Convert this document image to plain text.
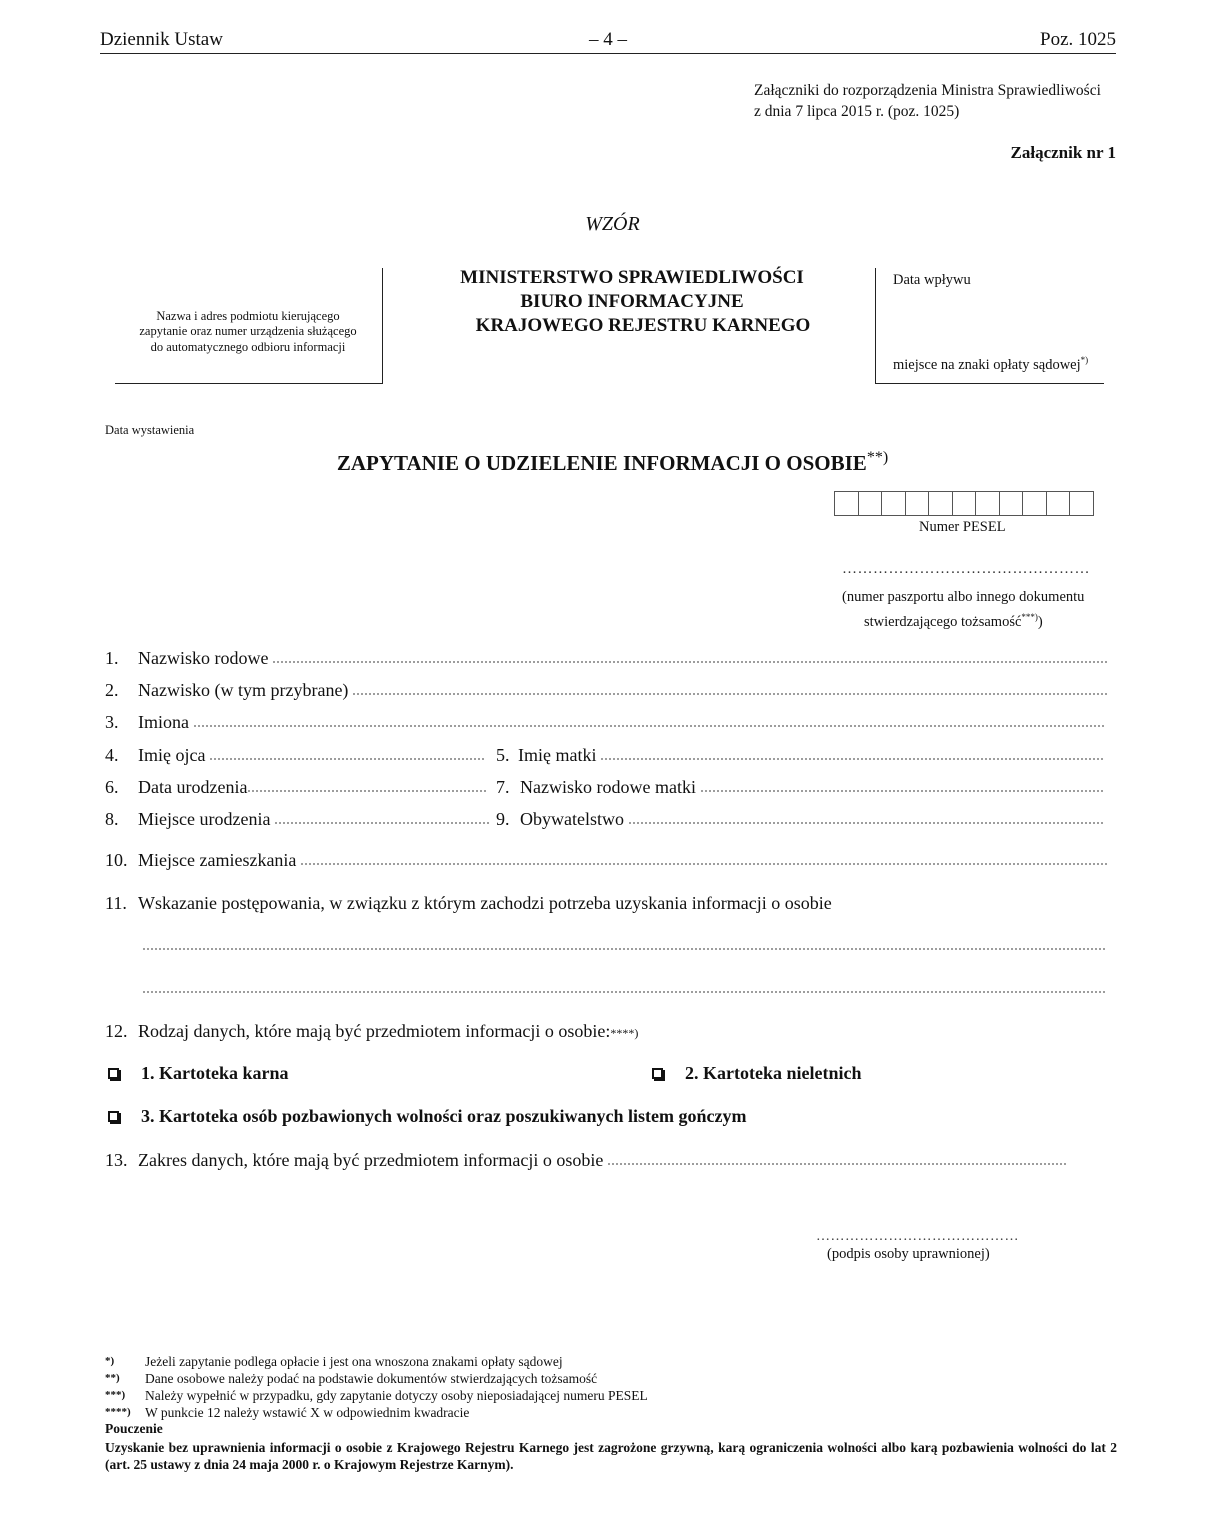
Dziennik Ustaw	– 4 –	Poz. 1025
Załączniki do rozporządzenia Ministra Sprawiedliwości
z dnia 7 lipca 2015 r. (poz. 1025)
Załącznik nr 1
WZÓR
Nazwa i adres podmiotu kierującego zapytanie oraz numer urządzenia służącego do automatycznego odbioru informacji
MINISTERSTWO SPRAWIEDLIWOŚCI
BIURO INFORMACYJNE
KRAJOWEGO REJESTRU KARNEGO
Data wpływu
miejsce na znaki opłaty sądowej*)
Data wystawienia
ZAPYTANIE O UDZIELENIE INFORMACJI O OSOBIE**)
Numer PESEL
…………………………………………
(numer paszportu albo innego dokumentu
stwierdzającego tożsamość***))
1.	Nazwisko rodowe
2.	Nazwisko (w tym przybrane)
3.	Imiona
4.	Imię ojca	5. Imię matki
6.	Data urodzenia	7. Nazwisko rodowe matki
8.	Miejsce urodzenia	9. Obywatelstwo
10. Miejsce zamieszkania
11. Wskazanie postępowania, w związku z którym zachodzi potrzeba uzyskania informacji o osobie
12. Rodzaj danych, które mają być przedmiotem informacji o osobie: ****)
1. Kartoteka karna	2. Kartoteka nieletnich
3. Kartoteka osób pozbawionych wolności oraz poszukiwanych listem gończym
13. Zakres danych, które mają być przedmiotem informacji o osobie
……………………………………
(podpis osoby uprawnionej)
*)	Jeżeli zapytanie podlega opłacie i jest ona wnoszona znakami opłaty sądowej
**)	Dane osobowe należy podać na podstawie dokumentów stwierdzających tożsamość
***)	Należy wypełnić w przypadku, gdy zapytanie dotyczy osoby nieposiadającej numeru PESEL
****)	W punkcie 12 należy wstawić X w odpowiednim kwadracie
Pouczenie
Uzyskanie bez uprawnienia informacji o osobie z Krajowego Rejestru Karnego jest zagrożone grzywną, karą ograniczenia wolności albo karą pozbawienia wolności do lat 2 (art. 25 ustawy z dnia 24 maja 2000 r. o Krajowym Rejestrze Karnym).
